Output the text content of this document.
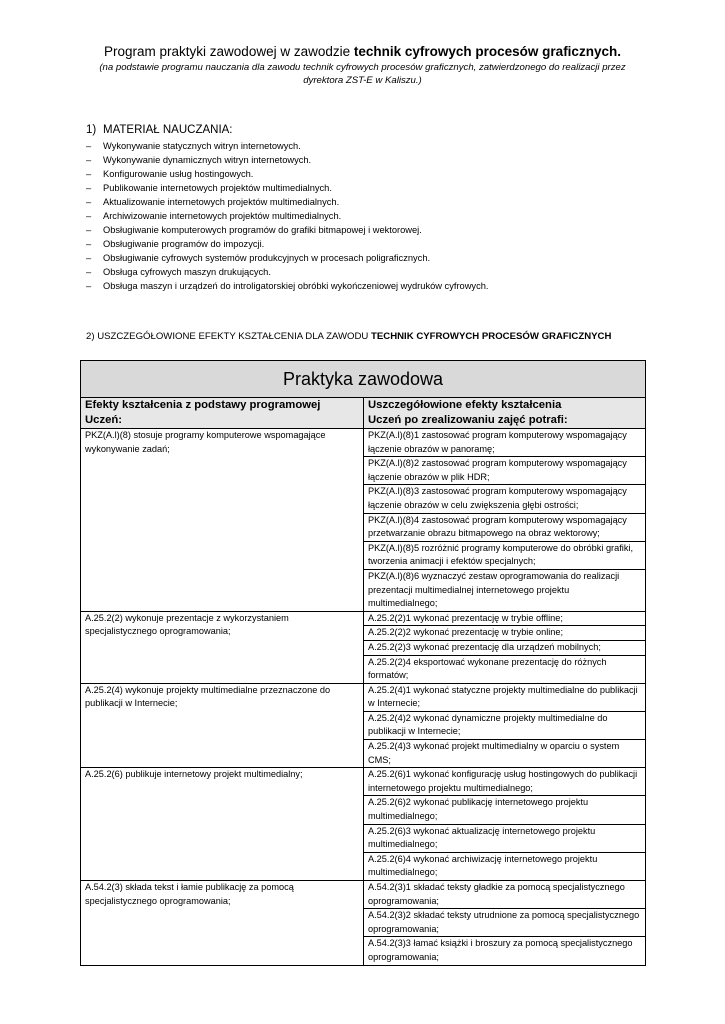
Program praktyki zawodowej w zawodzie technik cyfrowych procesów graficznych.
(na podstawie programu nauczania dla zawodu technik cyfrowych procesów graficznych, zatwierdzonego do realizacji przez dyrektora ZST-E w Kaliszu.)
1) MATERIAŁ NAUCZANIA:
– Wykonywanie statycznych witryn internetowych.
– Wykonywanie dynamicznych witryn internetowych.
– Konfigurowanie usług hostingowych.
– Publikowanie internetowych projektów multimedialnych.
– Aktualizowanie internetowych projektów multimedialnych.
– Archiwizowanie internetowych projektów multimedialnych.
– Obsługiwanie komputerowych programów do grafiki bitmapowej i wektorowej.
– Obsługiwanie programów do impozycji.
– Obsługiwanie cyfrowych systemów produkcyjnych w procesach poligraficznych.
– Obsługa cyfrowych maszyn drukujących.
– Obsługa maszyn i urządzeń do introligatorskiej obróbki wykończeniowej wydruków cyfrowych.
2) USZCZEGÓŁOWIONE EFEKTY KSZTAŁCENIA DLA ZAWODU TECHNIK CYFROWYCH PROCESÓW GRAFICZNYCH
Praktyka zawodowa	
Efekty kształcenia z podstawy programowej
Uczeń:	Uszczegółowione efekty kształcenia
Uczeń po zrealizowaniu zajęć potrafi:
PKZ(A.l)(8) stosuje programy komputerowe wspomagające wykonywanie zadań;	PKZ(A.l)(8)1 zastosować program komputerowy wspomagający łączenie obrazów w panoramę;
	PKZ(A.l)(8)2 zastosować program komputerowy wspomagający łączenie obrazów w plik HDR;
	PKZ(A.l)(8)3 zastosować program komputerowy wspomagający łączenie obrazów w celu zwiększenia głębi ostrości;
	PKZ(A.l)(8)4 zastosować program komputerowy wspomagający przetwarzanie obrazu bitmapowego na obraz wektorowy;
	PKZ(A.l)(8)5 rozróżnić programy komputerowe do obróbki grafiki, tworzenia animacji i efektów specjalnych;
	PKZ(A.l)(8)6 wyznaczyć zestaw oprogramowania do realizacji prezentacji multimedialnej internetowego projektu multimedialnego;
A.25.2(2) wykonuje prezentacje z wykorzystaniem specjalistycznego oprogramowania;	A.25.2(2)1 wykonać prezentację w trybie offline;
	A.25.2(2)2 wykonać prezentację w trybie online;
	A.25.2(2)3 wykonać prezentację dla urządzeń mobilnych;
	A.25.2(2)4 eksportować wykonane prezentację do różnych formatów;
A.25.2(4) wykonuje projekty multimedialne przeznaczone do publikacji w Internecie;	A.25.2(4)1 wykonać statyczne projekty multimedialne do publikacji w Internecie;
	A.25.2(4)2 wykonać dynamiczne projekty multimedialne do publikacji w Internecie;
	A.25.2(4)3 wykonać projekt multimedialny w oparciu o system CMS;
A.25.2(6) publikuje internetowy projekt multimedialny;	A.25.2(6)1 wykonać konfigurację usług hostingowych do publikacji internetowego projektu multimedialnego;
	A.25.2(6)2 wykonać publikację internetowego projektu multimedialnego;
	A.25.2(6)3 wykonać aktualizację internetowego projektu multimedialnego;
	A.25.2(6)4 wykonać archiwizację internetowego projektu multimedialnego;
A.54.2(3) składa tekst i łamie publikację za pomocą specjalistycznego oprogramowania;	A.54.2(3)1 składać teksty gładkie za pomocą specjalistycznego oprogramowania;
	A.54.2(3)2 składać teksty utrudnione za pomocą specjalistycznego oprogramowania;
	A.54.2(3)3 łamać książki i broszury za pomocą specjalistycznego oprogramowania;
